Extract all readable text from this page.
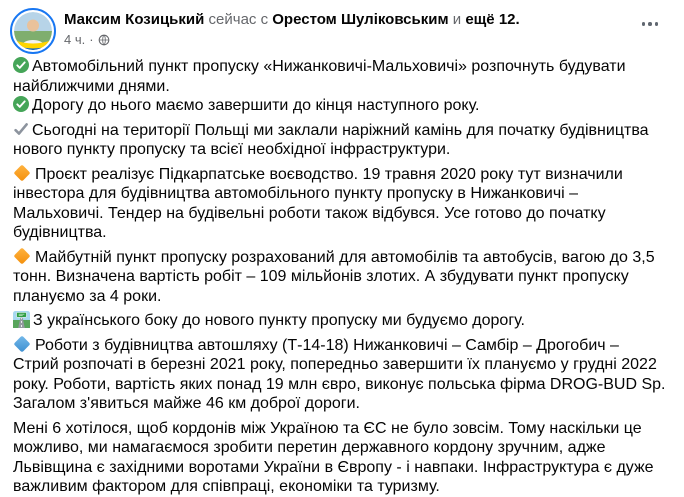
Максим Козицький сейчас с Орестом Шуліковським и ещё 12.
4 ч. ·

Автомобільний пункт пропуску «Нижанковичі-Мальховичі» розпочнуть будувати найближчими днями.

Дорогу до нього маємо завершити до кінця наступного року.

Сьогодні на території Польщі ми заклали наріжний камінь для початку будівництва нового пункту пропуску та всієї необхідної інфраструктури.

Проєкт реалізує Підкарпатське воєводство. 19 травня 2020 року тут визначили інвестора для будівництва автомобільного пункту пропуску в Нижанковичі – Мальховичі. Тендер на будівельні роботи також відбувся. Усе готово до початку будівництва.

Майбутній пункт пропуску розрахований для автомобілів та автобусів, вагою до 3,5 тонн. Визначена вартість робіт – 109 мільйонів злотих. А збудувати пункт пропуску плануємо за 4 роки.

З українського боку до нового пункту пропуску ми будуємо дорогу.

Роботи з будівництва автошляху (Т-14-18) Нижанковичі – Самбір – Дрогобич – Стрий розпочаті в березні 2021 року, попередньо завершити їх плануємо у грудні 2022 року. Роботи, вартість яких понад 19 млн євро, виконує польська фірма DROG-BUD Sp. Загалом з'явиться майже 46 км доброї дороги.

Мені 6 хотілося, щоб кордонів між Україною та ЄС не було зовсім. Тому наскільки це можливо, ми намагаємося зробити перетин державного кордону зручним, адже Львівщина є західними воротами України в Європу - і навпаки. Інфраструктура є дуже важливим фактором для співпраці, економіки та туризму.
